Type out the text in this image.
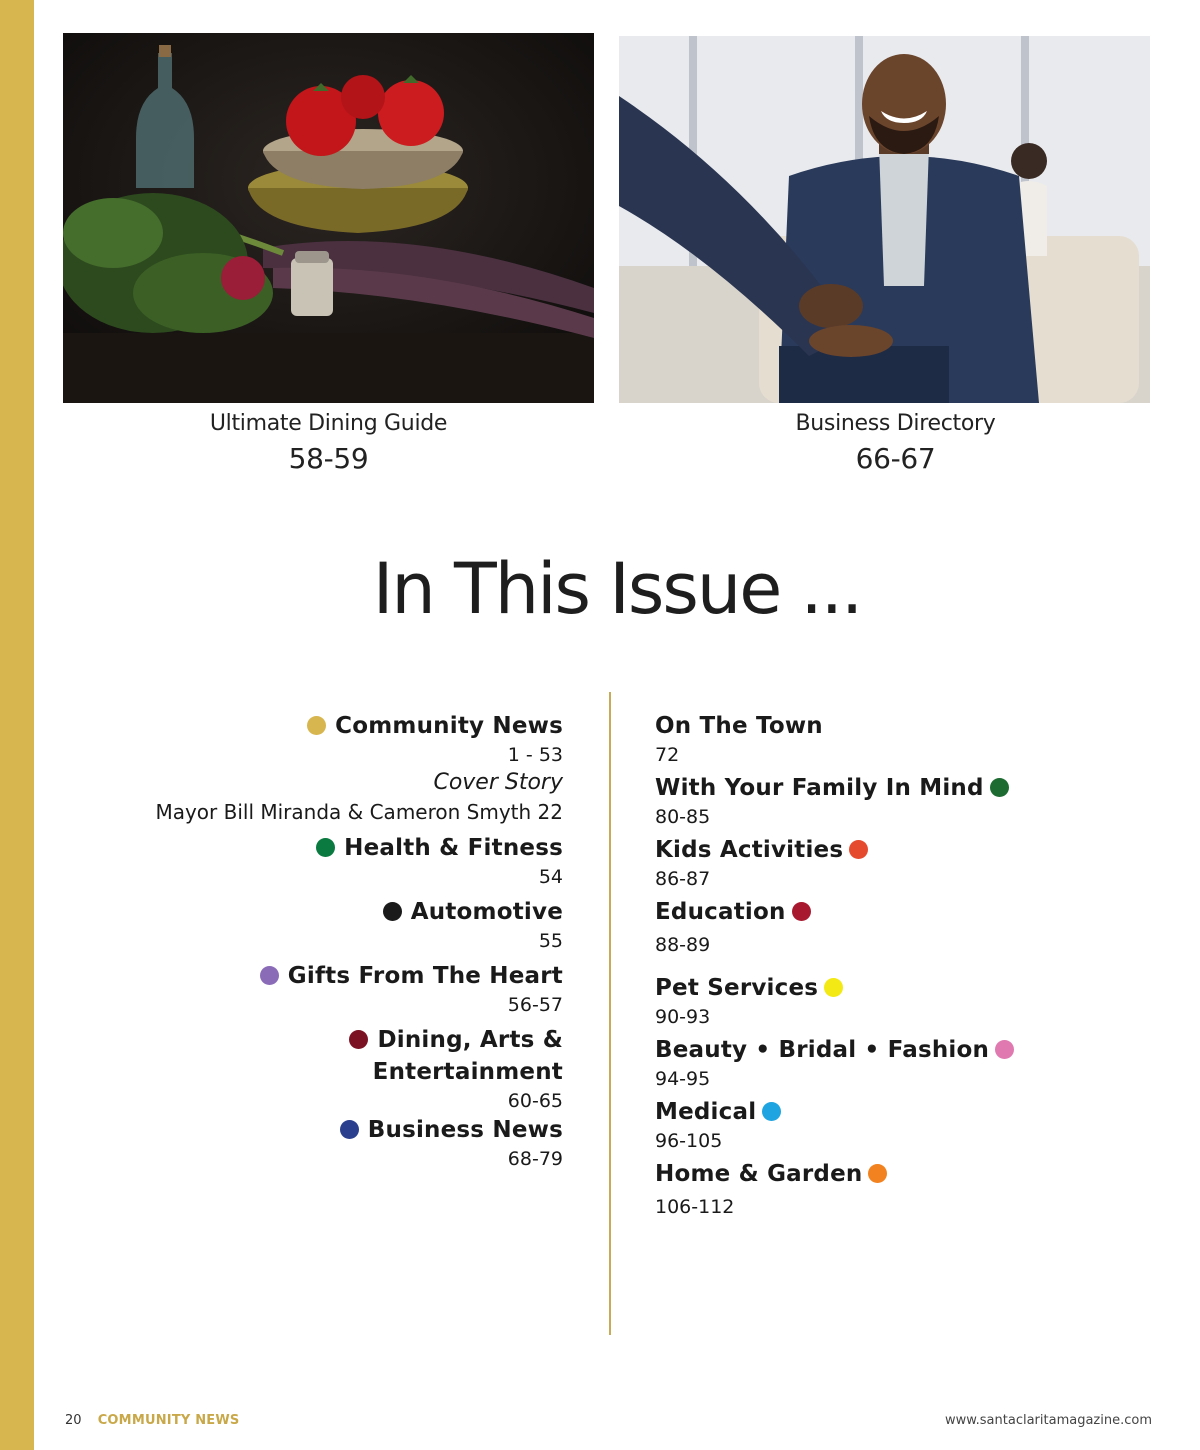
Ultimate Dining Guide
58-59
Business Directory
66-67
In This Issue ...
Community News
1 - 53
Cover Story
Mayor Bill Miranda & Cameron Smyth 22
Health & Fitness
54
Automotive
55
Gifts From The Heart
56-57
Dining, Arts &
Entertainment
60-65
Business News
68-79
On The Town
72
With Your Family In Mind
80-85
Kids Activities
86-87
Education
88-89
Pet Services
90-93
Beauty • Bridal • Fashion
94-95
Medical
96-105
Home & Garden
106-112
20 COMMUNITY NEWS	www.santaclaritamagazine.com
